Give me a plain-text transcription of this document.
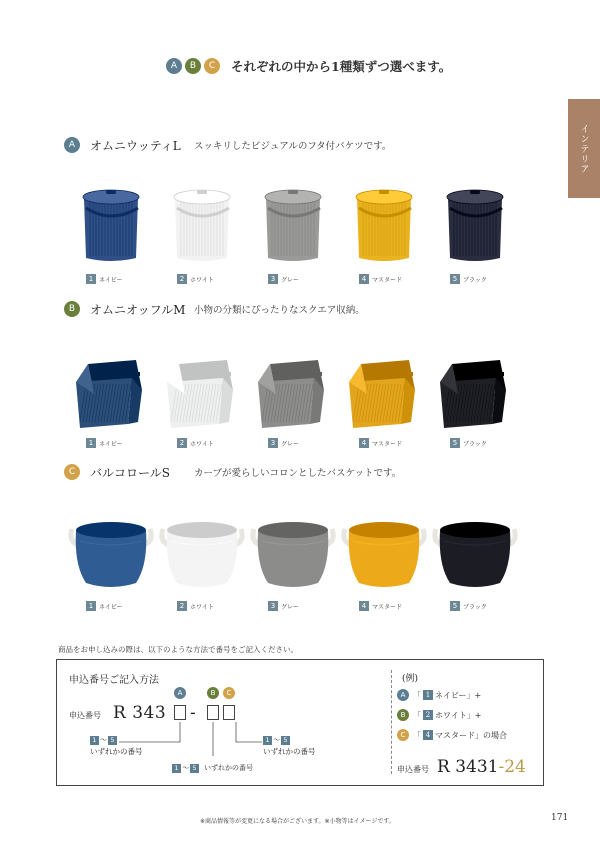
A	B	C	それぞれの中から1種類ずつ選べます。
インテリア
A	オムニウッティL	スッキリしたビジュアルのフタ付バケツです。
1 ネイビー	2 ホワイト	3 グレー	4 マスタード	5 ブラック
B	オムニオッフルM 小物の分類にぴったりなスクエア収納。
1 ネイビー	2 ホワイト	3 グレー	4 マスタード	5 ブラック
C	バルコロールS	カーブが愛らしいコロンとしたバスケットです。
1 ネイビー	2 ホワイト	3 グレー	4 マスタード	5 ブラック
商品をお申し込みの際は、以下のような方法で番号をご記入ください。
申込番号ご記入方法
申込番号 R 343
A
-
B	C
1 ～ 5
いずれかの番号
1 ～ 5
いずれかの番号
1 ～ 5	いずれかの番号
(例)
A 「 1 ネイビー」+
B 「 2 ホワイト」+
C 「 4 マスタード」の場合
申込番号 R 3431-24
※商品情報等が変更になる場合がございます。※小物等はイメージです。	171
